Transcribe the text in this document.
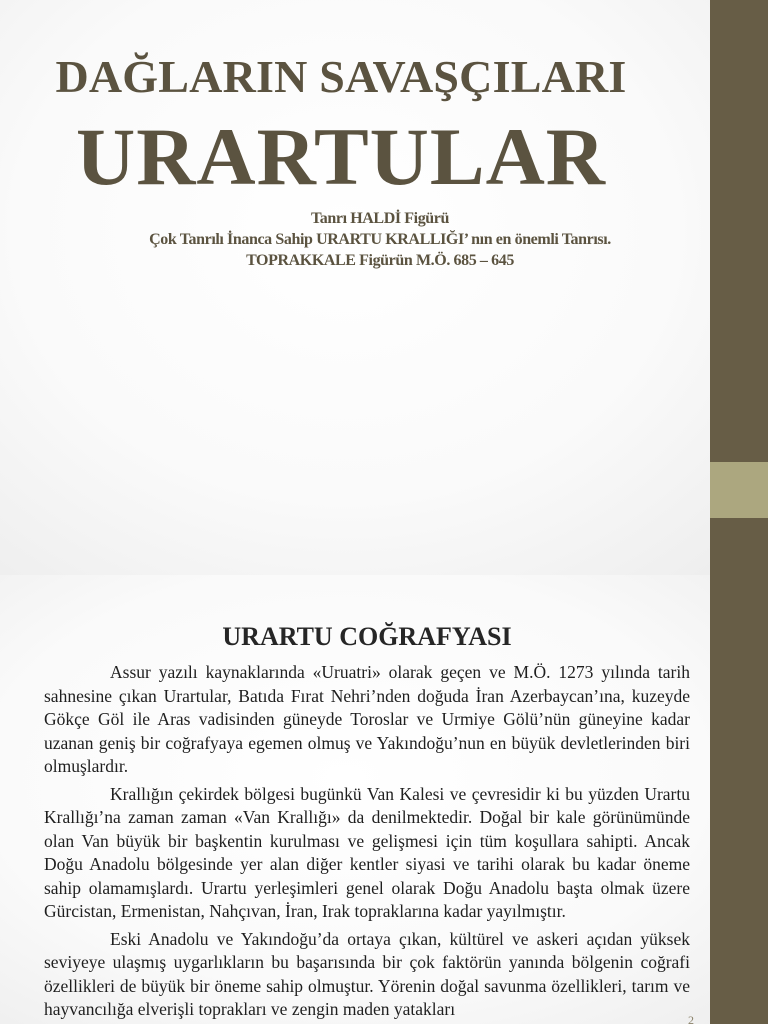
DAĞLARIN SAVAŞÇILARI
URARTULAR
Tanrı HALDİ Figürü
Çok Tanrılı İnanca Sahip URARTU KRALLIĞI’ nın en önemli Tanrısı.
TOPRAKKALE Figürün M.Ö. 685 – 645
URARTU COĞRAFYASI

Assur yazılı kaynaklarında «Uruatri» olarak geçen ve M.Ö. 1273 yılında tarih sahnesine çıkan Urartular, Batıda Fırat Nehri’nden doğuda İran Azerbaycan’ına, kuzeyde Gökçe Göl ile Aras vadisinden güneyde Toroslar ve Urmiye Gölü’nün güneyine kadar uzanan geniş bir coğrafyaya egemen olmuş ve Yakındoğu’nun en büyük devletlerinden biri olmuşlardır.

Krallığın çekirdek bölgesi bugünkü Van Kalesi ve çevresidir ki bu yüzden Urartu Krallığı’na zaman zaman «Van Krallığı» da denilmektedir. Doğal bir kale görünümünde olan Van büyük bir başkentin kurulması ve gelişmesi için tüm koşullara sahipti. Ancak Doğu Anadolu bölgesinde yer alan diğer kentler siyasi ve tarihi olarak bu kadar öneme sahip olamamışlardı. Urartu yerleşimleri genel olarak Doğu Anadolu başta olmak üzere Gürcistan, Ermenistan, Nahçıvan, İran, Irak topraklarına kadar yayılmıştır.

Eski Anadolu ve Yakındoğu’da ortaya çıkan, kültürel ve askeri açıdan yüksek seviyeye ulaşmış uygarlıkların bu başarısında bir çok faktörün yanında bölgenin coğrafi özellikleri de büyük bir öneme sahip olmuştur. Yörenin doğal savunma özellikleri, tarım ve hayvancılığa elverişli toprakları ve zengin maden yatakları

2
